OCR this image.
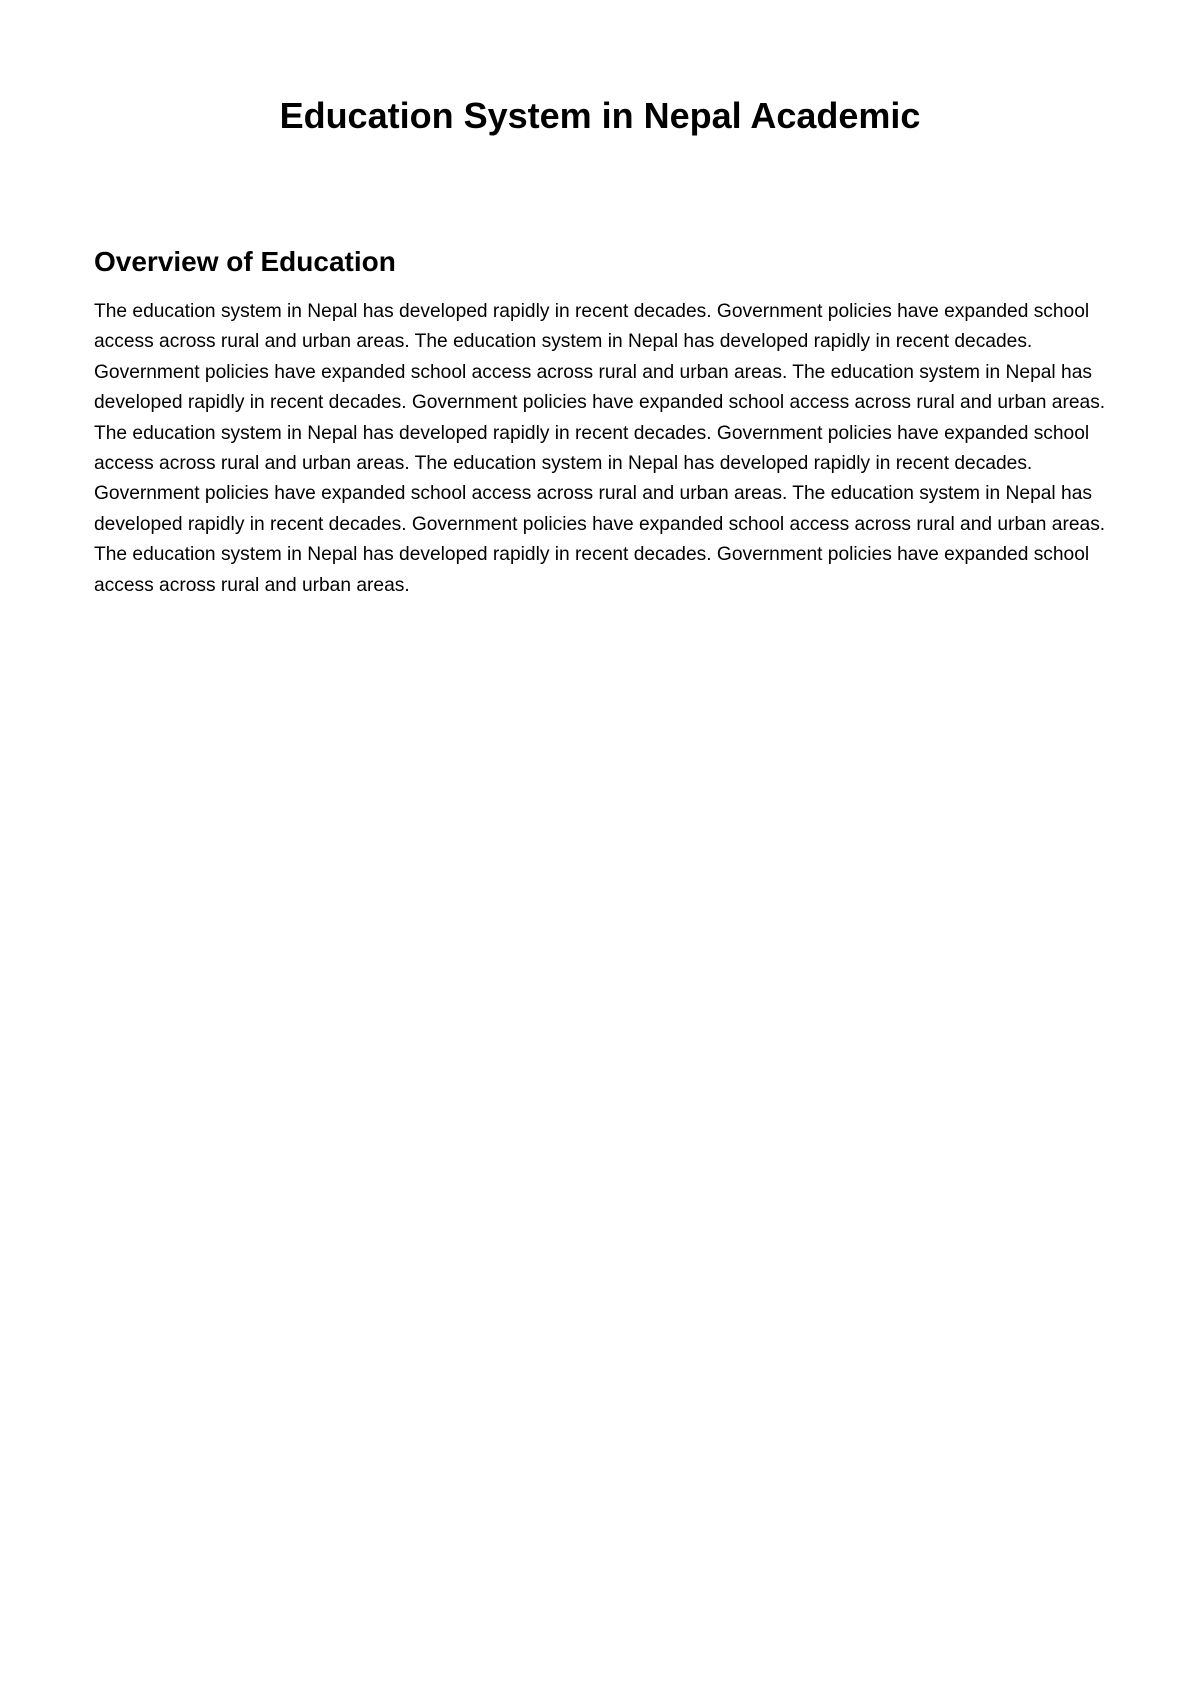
Education System in Nepal Academic
Overview of Education

The education system in Nepal has developed rapidly in recent decades. Government policies have expanded school access across rural and urban areas. The education system in Nepal has developed rapidly in recent decades. Government policies have expanded school access across rural and urban areas. The education system in Nepal has developed rapidly in recent decades. Government policies have expanded school access across rural and urban areas. The education system in Nepal has developed rapidly in recent decades. Government policies have expanded school access across rural and urban areas. The education system in Nepal has developed rapidly in recent decades. Government policies have expanded school access across rural and urban areas. The education system in Nepal has developed rapidly in recent decades. Government policies have expanded school access across rural and urban areas. The education system in Nepal has developed rapidly in recent decades. Government policies have expanded school access across rural and urban areas.
